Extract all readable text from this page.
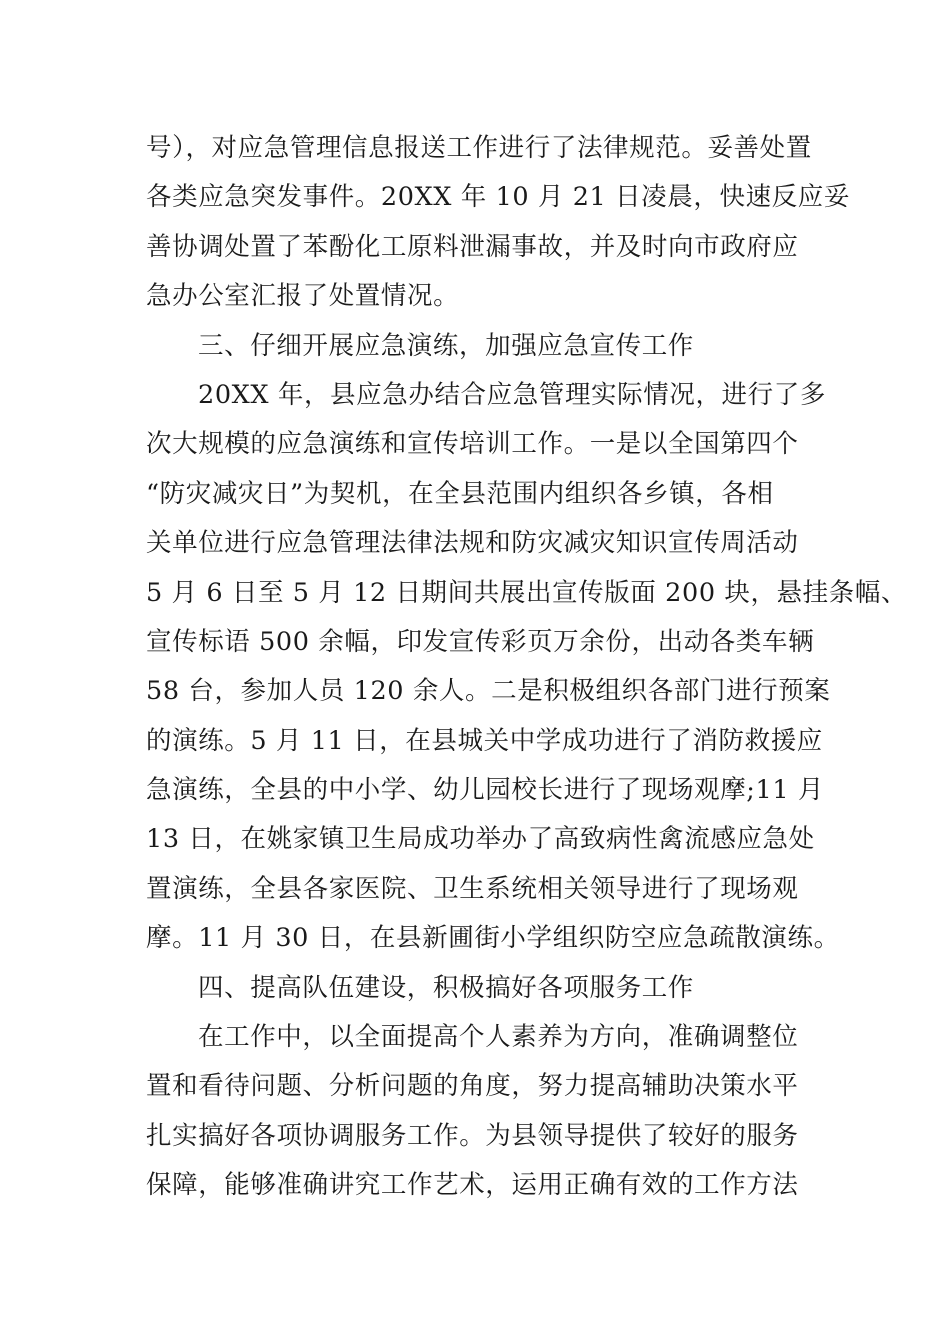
号），对应急管理信息报送工作进行了法律规范。妥善处置
各类应急突发事件。20XX 年 10 月 21 日凌晨，快速反应妥
善协调处置了苯酚化工原料泄漏事故，并及时向市政府应
急办公室汇报了处置情况。
三、仔细开展应急演练，加强应急宣传工作
20XX 年，县应急办结合应急管理实际情况，进行了多
次大规模的应急演练和宣传培训工作。一是以全国第四个
“防灾减灾日”为契机，在全县范围内组织各乡镇，各相
关单位进行应急管理法律法规和防灾减灾知识宣传周活动
5 月 6 日至 5 月 12 日期间共展出宣传版面 200 块，悬挂条幅、
宣传标语 500 余幅，印发宣传彩页万余份，出动各类车辆
58 台，参加人员 120 余人。二是积极组织各部门进行预案
的演练。5 月 11 日，在县城关中学成功进行了消防救援应
急演练，全县的中小学、幼儿园校长进行了现场观摩;11 月
13 日，在姚家镇卫生局成功举办了高致病性禽流感应急处
置演练，全县各家医院、卫生系统相关领导进行了现场观
摩。11 月 30 日，在县新圃街小学组织防空应急疏散演练。
四、提高队伍建设，积极搞好各项服务工作
在工作中，以全面提高个人素养为方向，准确调整位
置和看待问题、分析问题的角度，努力提高辅助决策水平
扎实搞好各项协调服务工作。为县领导提供了较好的服务
保障，能够准确讲究工作艺术，运用正确有效的工作方法
